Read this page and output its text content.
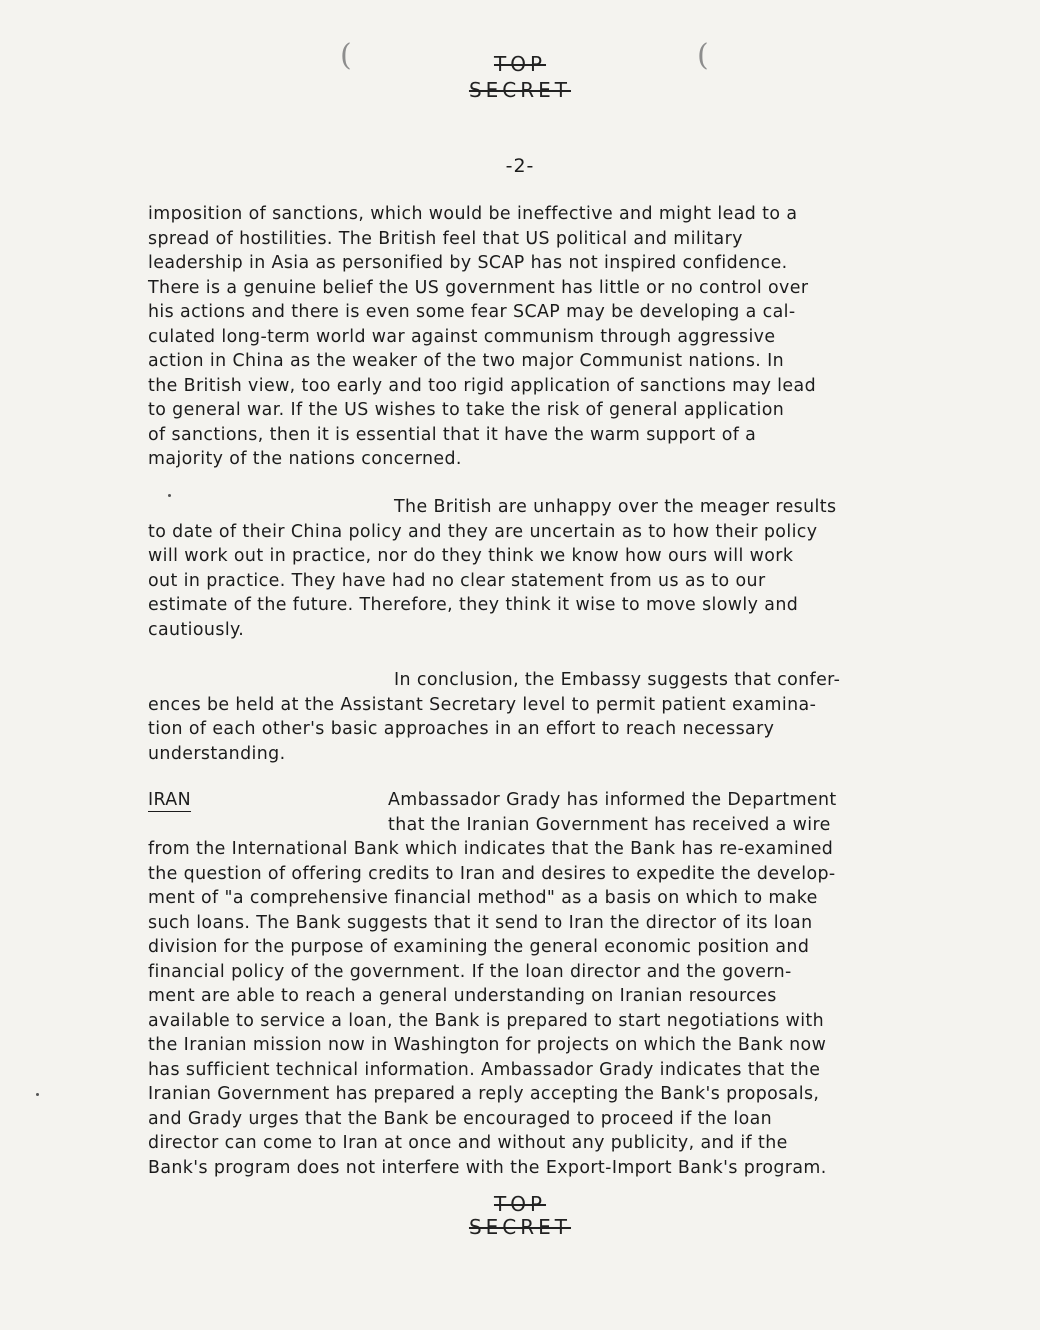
(	(
TOP
SECRET
-2-

imposition of sanctions, which would be ineffective and might lead to a
spread of hostilities. The British feel that US political and military
leadership in Asia as personified by SCAP has not inspired confidence.
There is a genuine belief the US government has little or no control over
his actions and there is even some fear SCAP may be developing a cal-
culated long-term world war against communism through aggressive
action in China as the weaker of the two major Communist nations. In
the British view, too early and too rigid application of sanctions may lead
to general war. If the US wishes to take the risk of general application
of sanctions, then it is essential that it have the warm support of a
majority of the nations concerned.

The British are unhappy over the meager results
to date of their China policy and they are uncertain as to how their policy
will work out in practice, nor do they think we know how ours will work
out in practice. They have had no clear statement from us as to our
estimate of the future. Therefore, they think it wise to move slowly and
cautiously.

In conclusion, the Embassy suggests that confer-
ences be held at the Assistant Secretary level to permit patient examina-
tion of each other's basic approaches in an effort to reach necessary
understanding.

IRAN	Ambassador Grady has informed the Department
that the Iranian Government has received a wire
from the International Bank which indicates that the Bank has re-examined
the question of offering credits to Iran and desires to expedite the develop-
ment of "a comprehensive financial method" as a basis on which to make
such loans. The Bank suggests that it send to Iran the director of its loan
division for the purpose of examining the general economic position and
financial policy of the government. If the loan director and the govern-
ment are able to reach a general understanding on Iranian resources
available to service a loan, the Bank is prepared to start negotiations with
the Iranian mission now in Washington for projects on which the Bank now
has sufficient technical information. Ambassador Grady indicates that the
Iranian Government has prepared a reply accepting the Bank's proposals,
and Grady urges that the Bank be encouraged to proceed if the loan
director can come to Iran at once and without any publicity, and if the
Bank's program does not interfere with the Export-Import Bank's program.

TOP
SECRET
